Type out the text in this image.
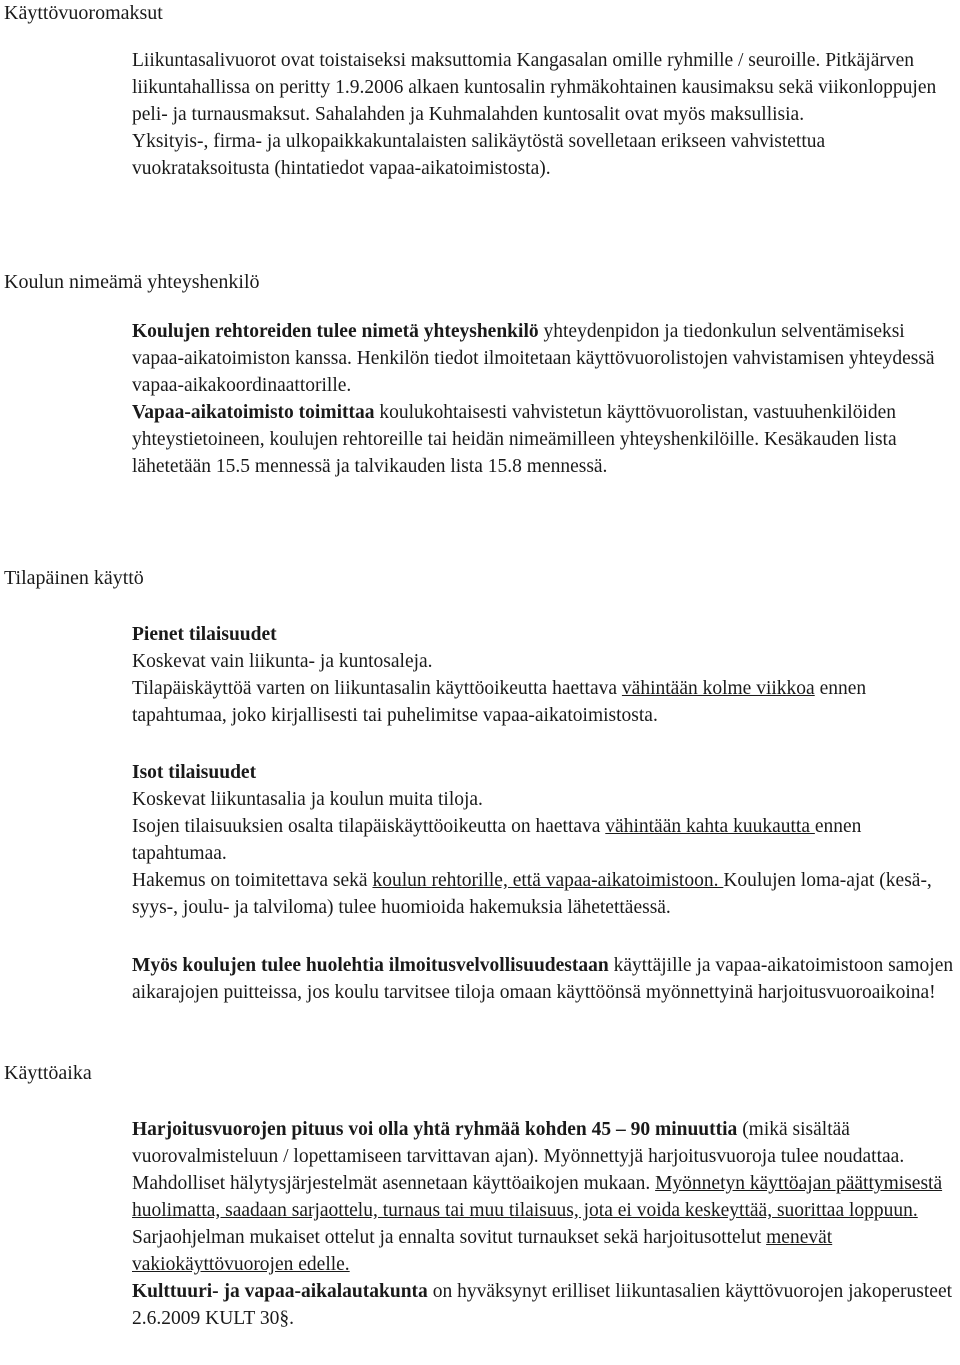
Käyttövuoromaksut

Liikuntasalivuorot ovat toistaiseksi maksuttomia Kangasalan omille ryhmille / seuroille. Pitkäjärven liikuntahallissa on peritty 1.9.2006 alkaen kuntosalin ryhmäkohtainen kausimaksu sekä viikonloppujen peli- ja turnausmaksut. Sahalahden ja Kuhmalahden kuntosalit ovat myös maksullisia.

Yksityis-, firma- ja ulkopaikkakuntalaisten salikäytöstä sovelletaan erikseen vahvistettua vuokrataksoitusta (hintatiedot vapaa-aikatoimistosta).

Koulun nimeämä yhteyshenkilö

Koulujen rehtoreiden tulee nimetä yhteyshenkilö yhteydenpidon ja tiedonkulun selventämiseksi vapaa-aikatoimiston kanssa. Henkilön tiedot ilmoitetaan käyttövuorolistojen vahvistamisen yhteydessä vapaa-aikakoordinaattorille.

Vapaa-aikatoimisto toimittaa koulukohtaisesti vahvistetun käyttövuorolistan, vastuuhenkilöiden yhteystietoineen, koulujen rehtoreille tai heidän nimeämilleen yhteyshenkilöille. Kesäkauden lista lähetetään 15.5 mennessä ja talvikauden lista 15.8 mennessä.

Tilapäinen käyttö

Pienet tilaisuudet

Koskevat vain liikunta- ja kuntosaleja.

Tilapäiskäyttöä varten on liikuntasalin käyttöoikeutta haettava vähintään kolme viikkoa ennen tapahtumaa, joko kirjallisesti tai puhelimitse vapaa-aikatoimistosta.

Isot tilaisuudet

Koskevat liikuntasalia ja koulun muita tiloja.

Isojen tilaisuuksien osalta tilapäiskäyttöoikeutta on haettava vähintään kahta kuukautta ennen tapahtumaa.

Hakemus on toimitettava sekä koulun rehtorille, että vapaa-aikatoimistoon. Koulujen loma-ajat (kesä-, syys-, joulu- ja talviloma) tulee huomioida hakemuksia lähetettäessä.

Myös koulujen tulee huolehtia ilmoitusvelvollisuudestaan käyttäjille ja vapaa-aikatoimistoon samojen aikarajojen puitteissa, jos koulu tarvitsee tiloja omaan käyttöönsä myönnettyinä harjoitusvuoroaikoina!

Käyttöaika

Harjoitusvuorojen pituus voi olla yhtä ryhmää kohden 45 – 90 minuuttia (mikä sisältää vuorovalmisteluun / lopettamiseen tarvittavan ajan). Myönnettyjä harjoitusvuoroja tulee noudattaa. Mahdolliset hälytysjärjestelmät asennetaan käyttöaikojen mukaan. Myönnetyn käyttöajan päättymisestä huolimatta, saadaan sarjaottelu, turnaus tai muu tilaisuus, jota ei voida keskeyttää, suorittaa loppuun. Sarjaohjelman mukaiset ottelut ja ennalta sovitut turnaukset sekä harjoitusottelut menevät vakiokäyttövuorojen edelle.

Kulttuuri- ja vapaa-aikalautakunta on hyväksynyt erilliset liikuntasalien käyttövuorojen jakoperusteet 2.6.2009 KULT 30§.
